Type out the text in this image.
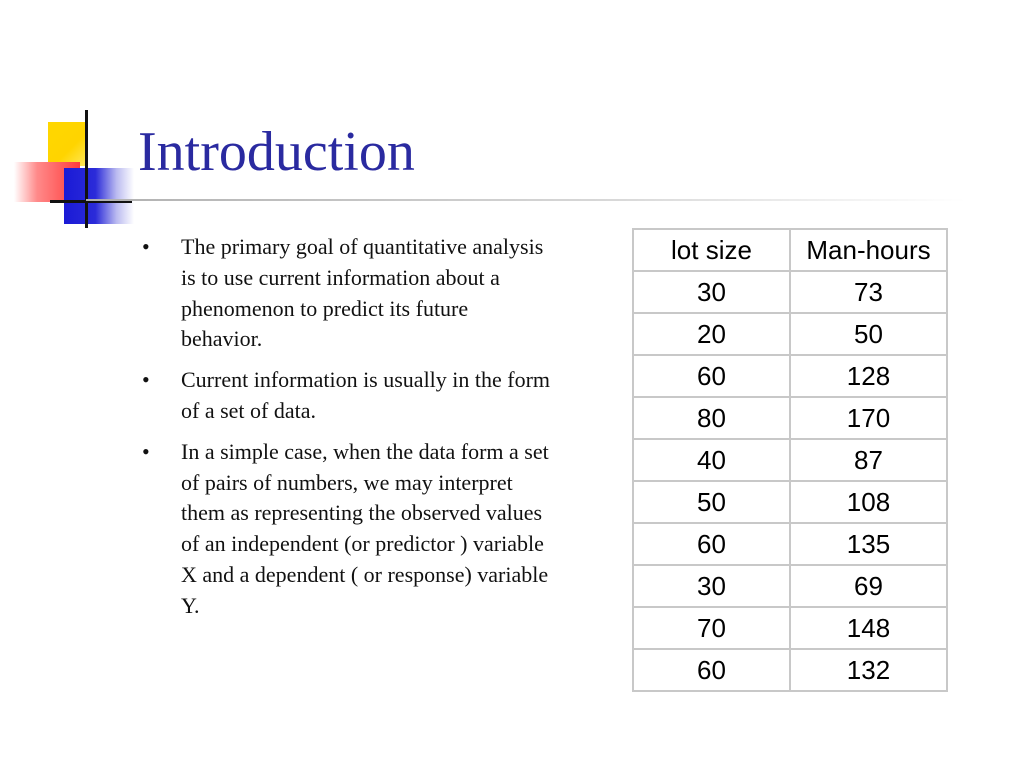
Introduction
• The primary goal of quantitative analysis is to use current information about a phenomenon to predict its future behavior.
• Current information is usually in the form of a set of data.
• In a simple case, when the data form a set of pairs of numbers, we may interpret them as representing the observed values of an independent (or predictor ) variable X and a dependent ( or response) variable Y.
lot size	Man-hours
30	73
20	50
60	128
80	170
40	87
50	108
60	135
30	69
70	148
60	132
